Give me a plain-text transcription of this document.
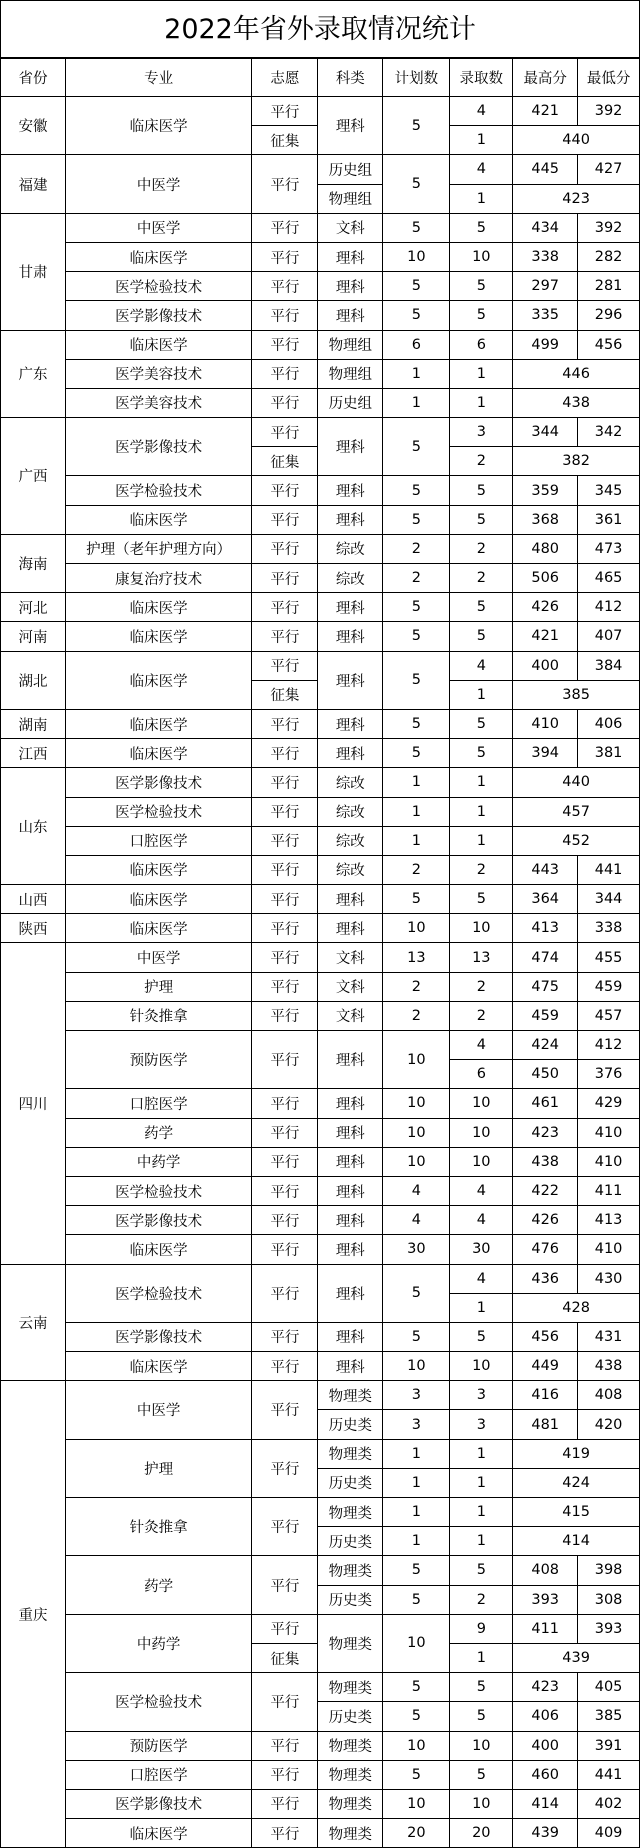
2022年省外录取情况统计
省份	专业	志愿	科类	计划数	录取数	最高分	最低分
安徽	临床医学	平行	理科	5	4	421	392
		征集			1	440	
福建	中医学	平行	历史组	5	4	445	427
			物理组		1	423	
甘肃	中医学	平行	文科	5	5	434	392
	临床医学	平行	理科	10	10	338	282
	医学检验技术	平行	理科	5	5	297	281
	医学影像技术	平行	理科	5	5	335	296
广东	临床医学	平行	物理组	6	6	499	456
	医学美容技术	平行	物理组	1	1	446	
	医学美容技术	平行	历史组	1	1	438	
广西	医学影像技术	平行	理科	5	3	344	342
		征集			2	382	
	医学检验技术	平行	理科	5	5	359	345
	临床医学	平行	理科	5	5	368	361
海南	护理（老年护理方向）	平行	综改	2	2	480	473
	康复治疗技术	平行	综改	2	2	506	465
河北	临床医学	平行	理科	5	5	426	412
河南	临床医学	平行	理科	5	5	421	407
湖北	临床医学	平行	理科	5	4	400	384
		征集			1	385	
湖南	临床医学	平行	理科	5	5	410	406
江西	临床医学	平行	理科	5	5	394	381
山东	医学影像技术	平行	综改	1	1	440	
	医学检验技术	平行	综改	1	1	457	
	口腔医学	平行	综改	1	1	452	
	临床医学	平行	综改	2	2	443	441
山西	临床医学	平行	理科	5	5	364	344
陕西	临床医学	平行	理科	10	10	413	338
四川	中医学	平行	文科	13	13	474	455
	护理	平行	文科	2	2	475	459
	针灸推拿	平行	文科	2	2	459	457
	预防医学	平行	理科	10	4	424	412
					6	450	376
	口腔医学	平行	理科	10	10	461	429
	药学	平行	理科	10	10	423	410
	中药学	平行	理科	10	10	438	410
	医学检验技术	平行	理科	4	4	422	411
	医学影像技术	平行	理科	4	4	426	413
	临床医学	平行	理科	30	30	476	410
云南	医学检验技术	平行	理科	5	4	436	430
					1	428	
	医学影像技术	平行	理科	5	5	456	431
	临床医学	平行	理科	10	10	449	438
重庆	中医学	平行	物理类	3	3	416	408
			历史类	3	3	481	420
	护理	平行	物理类	1	1	419	
			历史类	1	1	424	
	针灸推拿	平行	物理类	1	1	415	
			历史类	1	1	414	
	药学	平行	物理类	5	5	408	398
			历史类	5	2	393	308
	中药学	平行	物理类	10	9	411	393
		征集			1	439	
	医学检验技术	平行	物理类	5	5	423	405
			历史类	5	5	406	385
	预防医学	平行	物理类	10	10	400	391
	口腔医学	平行	物理类	5	5	460	441
	医学影像技术	平行	物理类	10	10	414	402
	临床医学	平行	物理类	20	20	439	409
